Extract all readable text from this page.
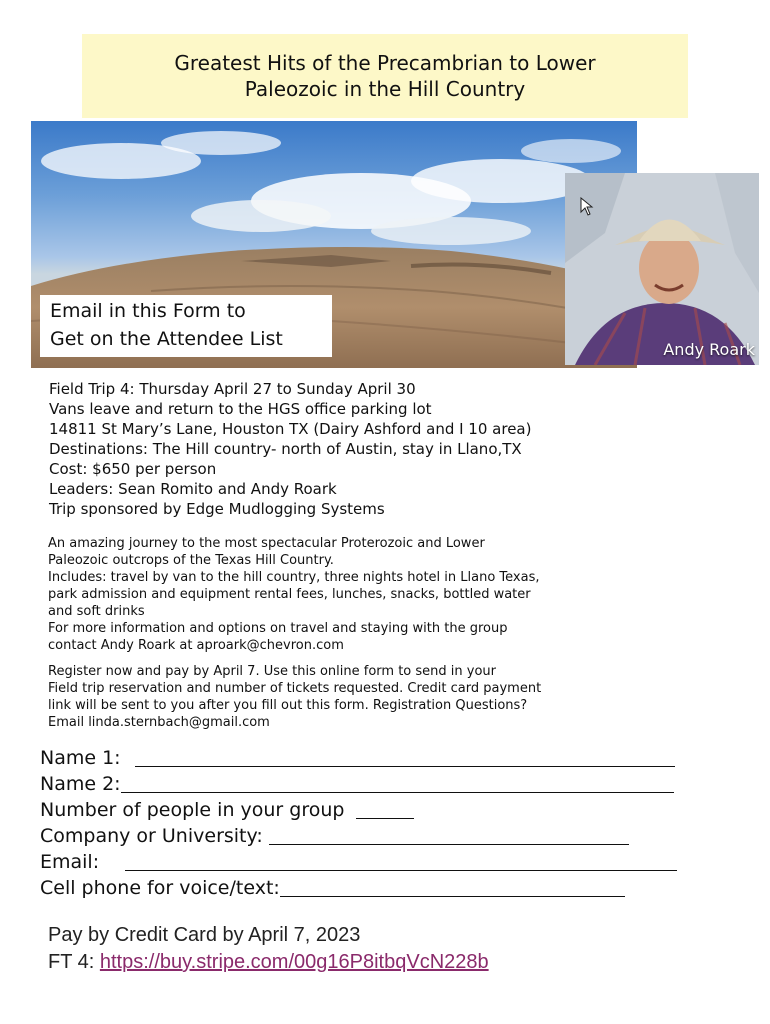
Greatest Hits of the Precambrian to Lower
Paleozoic in the Hill Country
Email in this Form to
Get on the Attendee List	Andy Roark
Field Trip 4: Thursday April 27 to Sunday April 30
Vans leave and return to the HGS office parking lot
14811 St Mary’s Lane, Houston TX (Dairy Ashford and I 10 area)
Destinations: The Hill country- north of Austin, stay in Llano,TX
Cost: $650 per person
Leaders: Sean Romito and Andy Roark
Trip sponsored by Edge Mudlogging Systems
An amazing journey to the most spectacular Proterozoic and Lower
Paleozoic outcrops of the Texas Hill Country.
Includes: travel by van to the hill country, three nights hotel in Llano Texas,
park admission and equipment rental fees, lunches, snacks, bottled water
and soft drinks
For more information and options on travel and staying with the group
contact Andy Roark at aproark@chevron.com
Register now and pay by April 7. Use this online form to send in your
Field trip reservation and number of tickets requested. Credit card payment
link will be sent to you after you fill out this form. Registration Questions?
Email linda.sternbach@gmail.com
Name 1:
Name 2:
Number of people in your group
Company or University:
Email:
Cell phone for voice/text:
Pay by Credit Card by April 7, 2023
FT 4: https://buy.stripe.com/00g16P8itbqVcN228b
